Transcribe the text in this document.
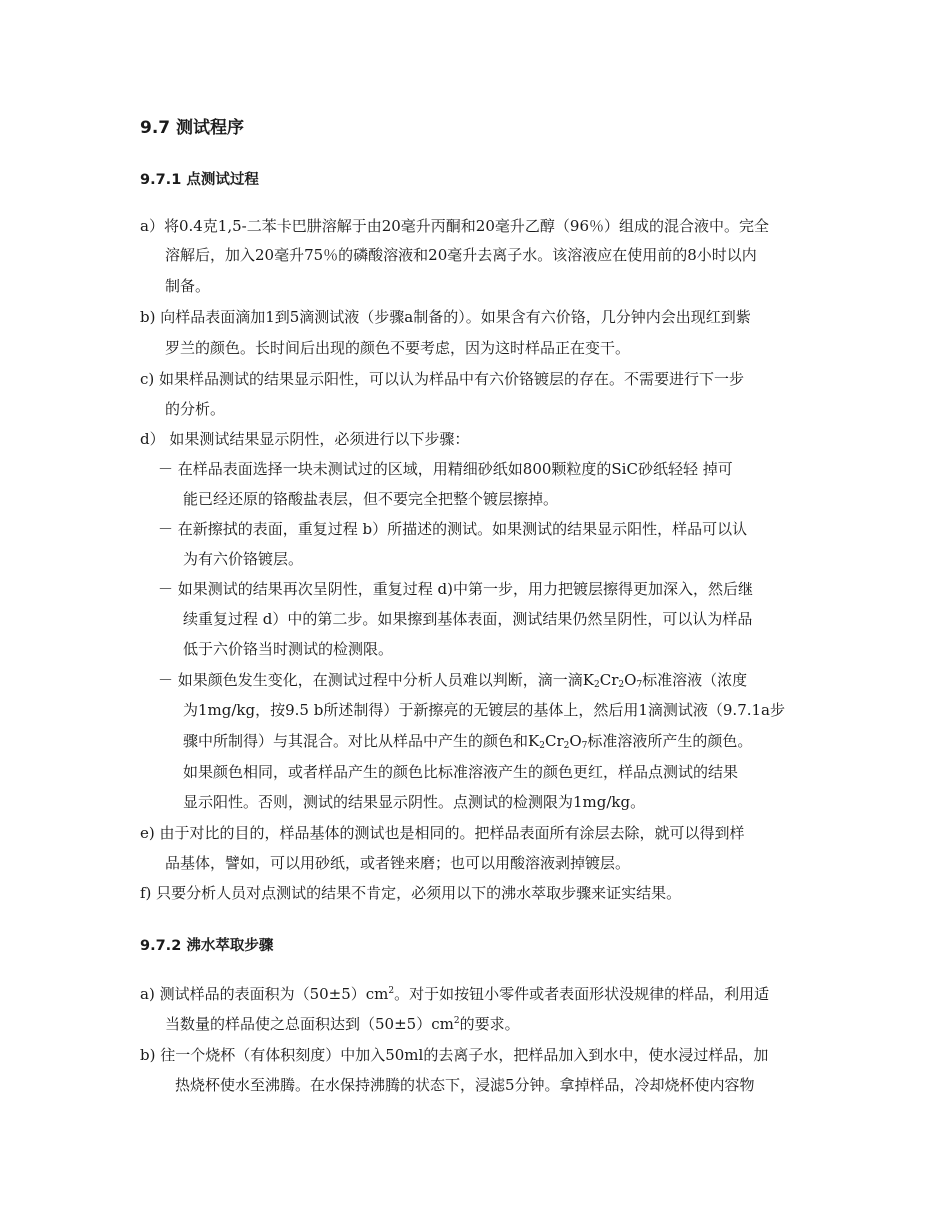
9.7 测试程序
9.7.1 点测试过程
a）将0.4克1,5-二苯卡巴肼溶解于由20毫升丙酮和20毫升乙醇（96％）组成的混合液中。完全
溶解后，加入20毫升75％的磷酸溶液和20毫升去离子水。该溶液应在使用前的8小时以内
制备。
b) 向样品表面滴加1到5滴测试液（步骤a制备的）。如果含有六价铬，几分钟内会出现红到紫
罗兰的颜色。长时间后出现的颜色不要考虑，因为这时样品正在变干。
c) 如果样品测试的结果显示阳性，可以认为样品中有六价铬镀层的存在。不需要进行下一步
的分析。
d） 如果测试结果显示阴性，必须进行以下步骤：
－ 在样品表面选择一块未测试过的区域，用精细砂纸如800颗粒度的SiC砂纸轻轻 掉可
能已经还原的铬酸盐表层，但不要完全把整个镀层擦掉。
－ 在新擦拭的表面，重复过程 b）所描述的测试。如果测试的结果显示阳性，样品可以认
为有六价铬镀层。
－ 如果测试的结果再次呈阴性，重复过程 d)中第一步，用力把镀层擦得更加深入，然后继
续重复过程 d）中的第二步。如果擦到基体表面，测试结果仍然呈阴性，可以认为样品
低于六价铬当时测试的检测限。
－ 如果颜色发生变化，在测试过程中分析人员难以判断，滴一滴$K_2Cr_2O_7$标准溶液（浓度
为1mg/kg，按9.5 b所述制得）于新擦亮的无镀层的基体上，然后用1滴测试液（9.7.1a步
骤中所制得）与其混合。对比从样品中产生的颜色和$K_2Cr_2O_7$标准溶液所产生的颜色。
如果颜色相同，或者样品产生的颜色比标准溶液产生的颜色更红，样品点测试的结果
显示阳性。否则，测试的结果显示阴性。点测试的检测限为1mg/kg。
e) 由于对比的目的，样品基体的测试也是相同的。把样品表面所有涂层去除，就可以得到样
品基体，譬如，可以用砂纸，或者锉来磨；也可以用酸溶液剥掉镀层。
f) 只要分析人员对点测试的结果不肯定，必须用以下的沸水萃取步骤来证实结果。
9.7.2 沸水萃取步骤
a) 测试样品的表面积为$(50\pm 5)cm^2$。对于如按钮小零件或者表面形状没规律的样品，利用适
当数量的样品使之总面积达到$(50\pm 5)cm^2$的要求。
b) 往一个烧杯（有体积刻度）中加入50ml的去离子水，把样品加入到水中，使水浸过样品，加
热烧杯使水至沸腾。在水保持沸腾的状态下，浸滤5分钟。拿掉样品，冷却烧杯使内容物
